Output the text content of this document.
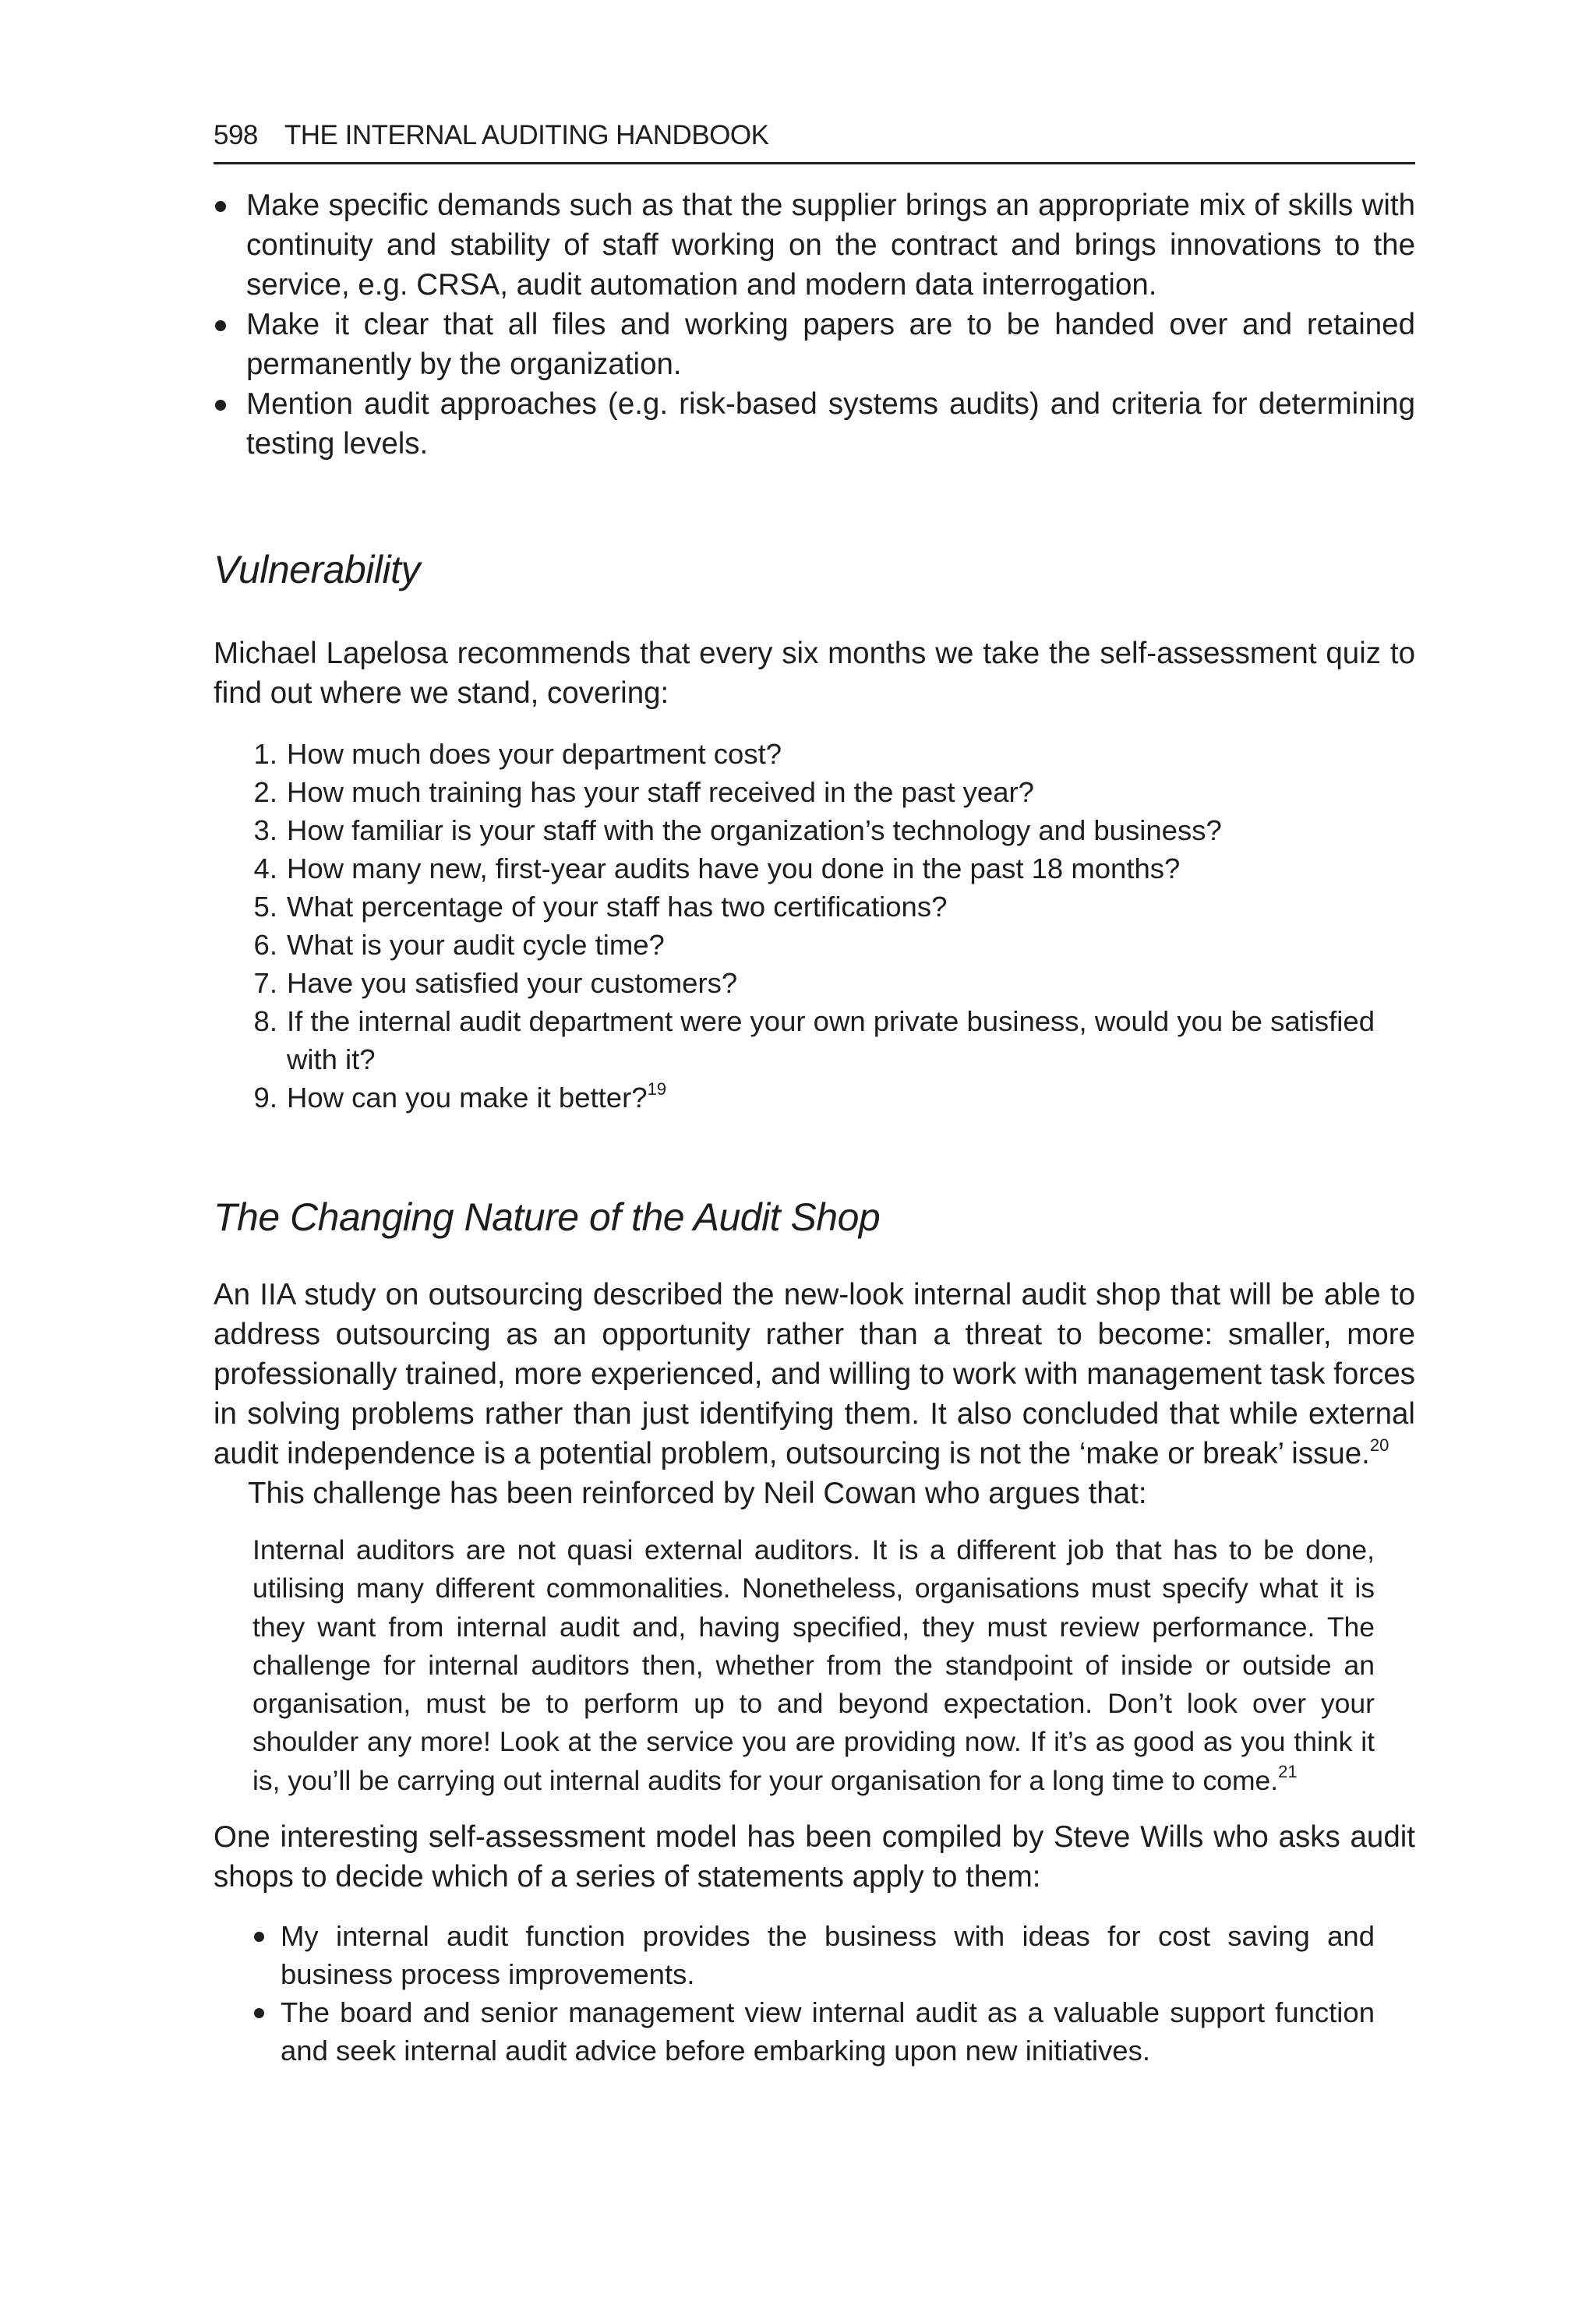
598 THE INTERNAL AUDITING HANDBOOK
Make specific demands such as that the supplier brings an appropriate mix of skills with continuity and stability of staff working on the contract and brings innovations to the service, e.g. CRSA, audit automation and modern data interrogation.
Make it clear that all files and working papers are to be handed over and retained permanently by the organization.
Mention audit approaches (e.g. risk-based systems audits) and criteria for determining testing levels.
Vulnerability

Michael Lapelosa recommends that every six months we take the self-assessment quiz to find out where we stand, covering:

1. How much does your department cost?
2. How much training has your staff received in the past year?
3. How familiar is your staff with the organization’s technology and business?
4. How many new, first-year audits have you done in the past 18 months?
5. What percentage of your staff has two certifications?
6. What is your audit cycle time?
7. Have you satisfied your customers?
8. If the internal audit department were your own private business, would you be satisfied with it?
9. How can you make it better?$^{19}$
The Changing Nature of the Audit Shop

An IIA study on outsourcing described the new-look internal audit shop that will be able to address outsourcing as an opportunity rather than a threat to become: smaller, more professionally trained, more experienced, and willing to work with management task forces in solving problems rather than just identifying them. It also concluded that while external audit independence is a potential problem, outsourcing is not the ‘make or break’ issue.$^{20}$

This challenge has been reinforced by Neil Cowan who argues that:

Internal auditors are not quasi external auditors. It is a different job that has to be done, utilising many different commonalities. Nonetheless, organisations must specify what it is they want from internal audit and, having specified, they must review performance. The challenge for internal auditors then, whether from the standpoint of inside or outside an organisation, must be to perform up to and beyond expectation. Don’t look over your shoulder any more! Look at the service you are providing now. If it’s as good as you think it is, you’ll be carrying out internal audits for your organisation for a long time to come.$^{21}$

One interesting self-assessment model has been compiled by Steve Wills who asks audit shops to decide which of a series of statements apply to them:

My internal audit function provides the business with ideas for cost saving and business process improvements.
The board and senior management view internal audit as a valuable support function and seek internal audit advice before embarking upon new initiatives.
